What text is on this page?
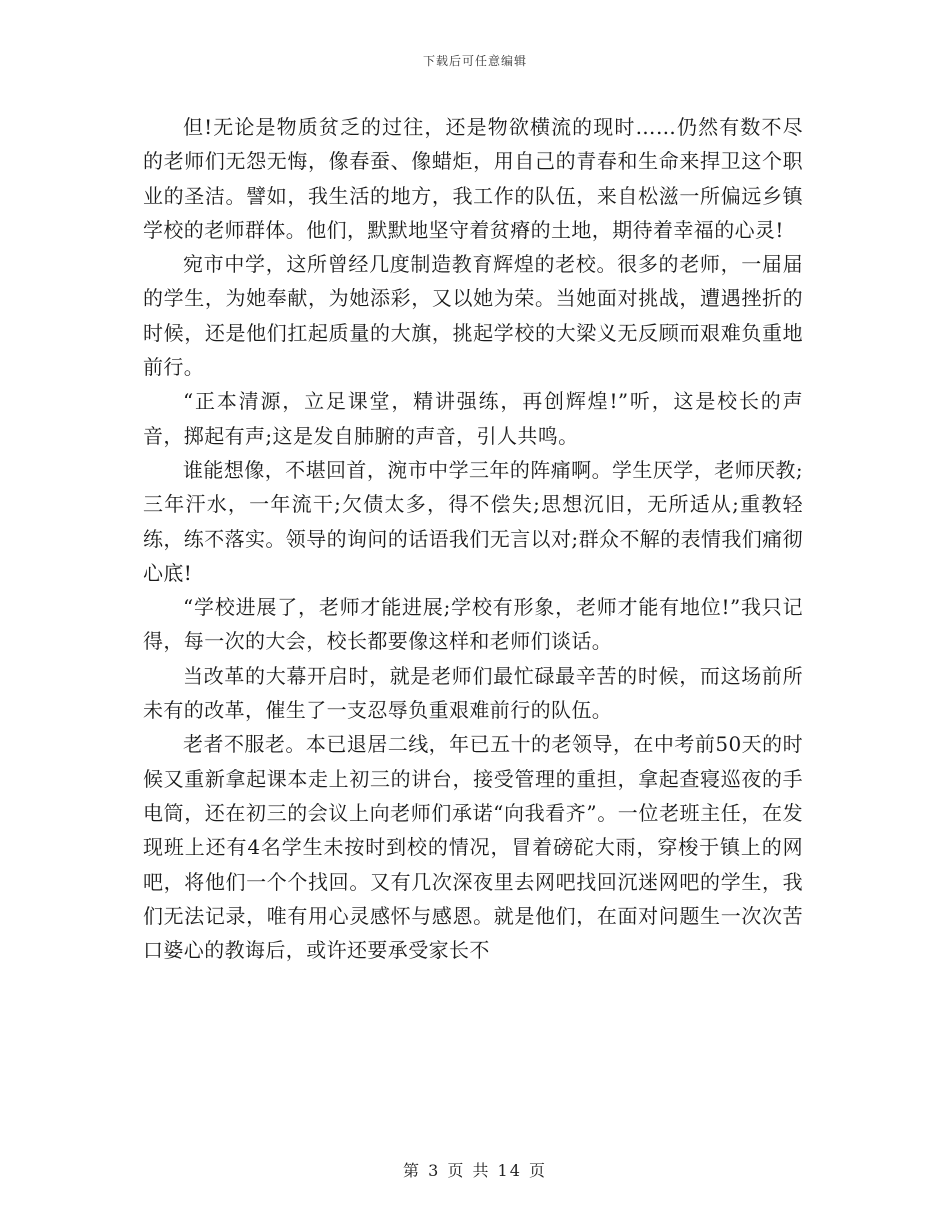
下载后可任意编辑

但!无论是物质贫乏的过往，还是物欲横流的现时……仍然有数不尽的老师们无怨无悔，像春蚕、像蜡炬，用自己的青春和生命来捍卫这个职业的圣洁。譬如，我生活的地方，我工作的队伍，来自松滋一所偏远乡镇学校的老师群体。他们，默默地坚守着贫瘠的土地，期待着幸福的心灵!

宛市中学，这所曾经几度制造教育辉煌的老校。很多的老师，一届届的学生，为她奉献，为她添彩，又以她为荣。当她面对挑战，遭遇挫折的时候，还是他们扛起质量的大旗，挑起学校的大梁义无反顾而艰难负重地前行。

“正本清源，立足课堂，精讲强练，再创辉煌!”听，这是校长的声音，掷起有声;这是发自肺腑的声音，引人共鸣。

谁能想像，不堪回首，涴市中学三年的阵痛啊。学生厌学，老师厌教;三年汗水，一年流干;欠债太多，得不偿失;思想沉旧，无所适从;重教轻练，练不落实。领导的询问的话语我们无言以对;群众不解的表情我们痛彻心底!

“学校进展了，老师才能进展;学校有形象，老师才能有地位!”我只记得，每一次的大会，校长都要像这样和老师们谈话。

当改革的大幕开启时，就是老师们最忙碌最辛苦的时候，而这场前所未有的改革，催生了一支忍辱负重艰难前行的队伍。

老者不服老。本已退居二线，年已五十的老领导，在中考前50天的时候又重新拿起课本走上初三的讲台，接受管理的重担，拿起查寝巡夜的手电筒，还在初三的会议上向老师们承诺“向我看齐”。一位老班主任，在发现班上还有4名学生未按时到校的情况，冒着磅砣大雨，穿梭于镇上的网吧，将他们一个个找回。又有几次深夜里去网吧找回沉迷网吧的学生，我们无法记录，唯有用心灵感怀与感恩。就是他们，在面对问题生一次次苦口婆心的教诲后，或许还要承受家长不

第 3 页 共 14 页
